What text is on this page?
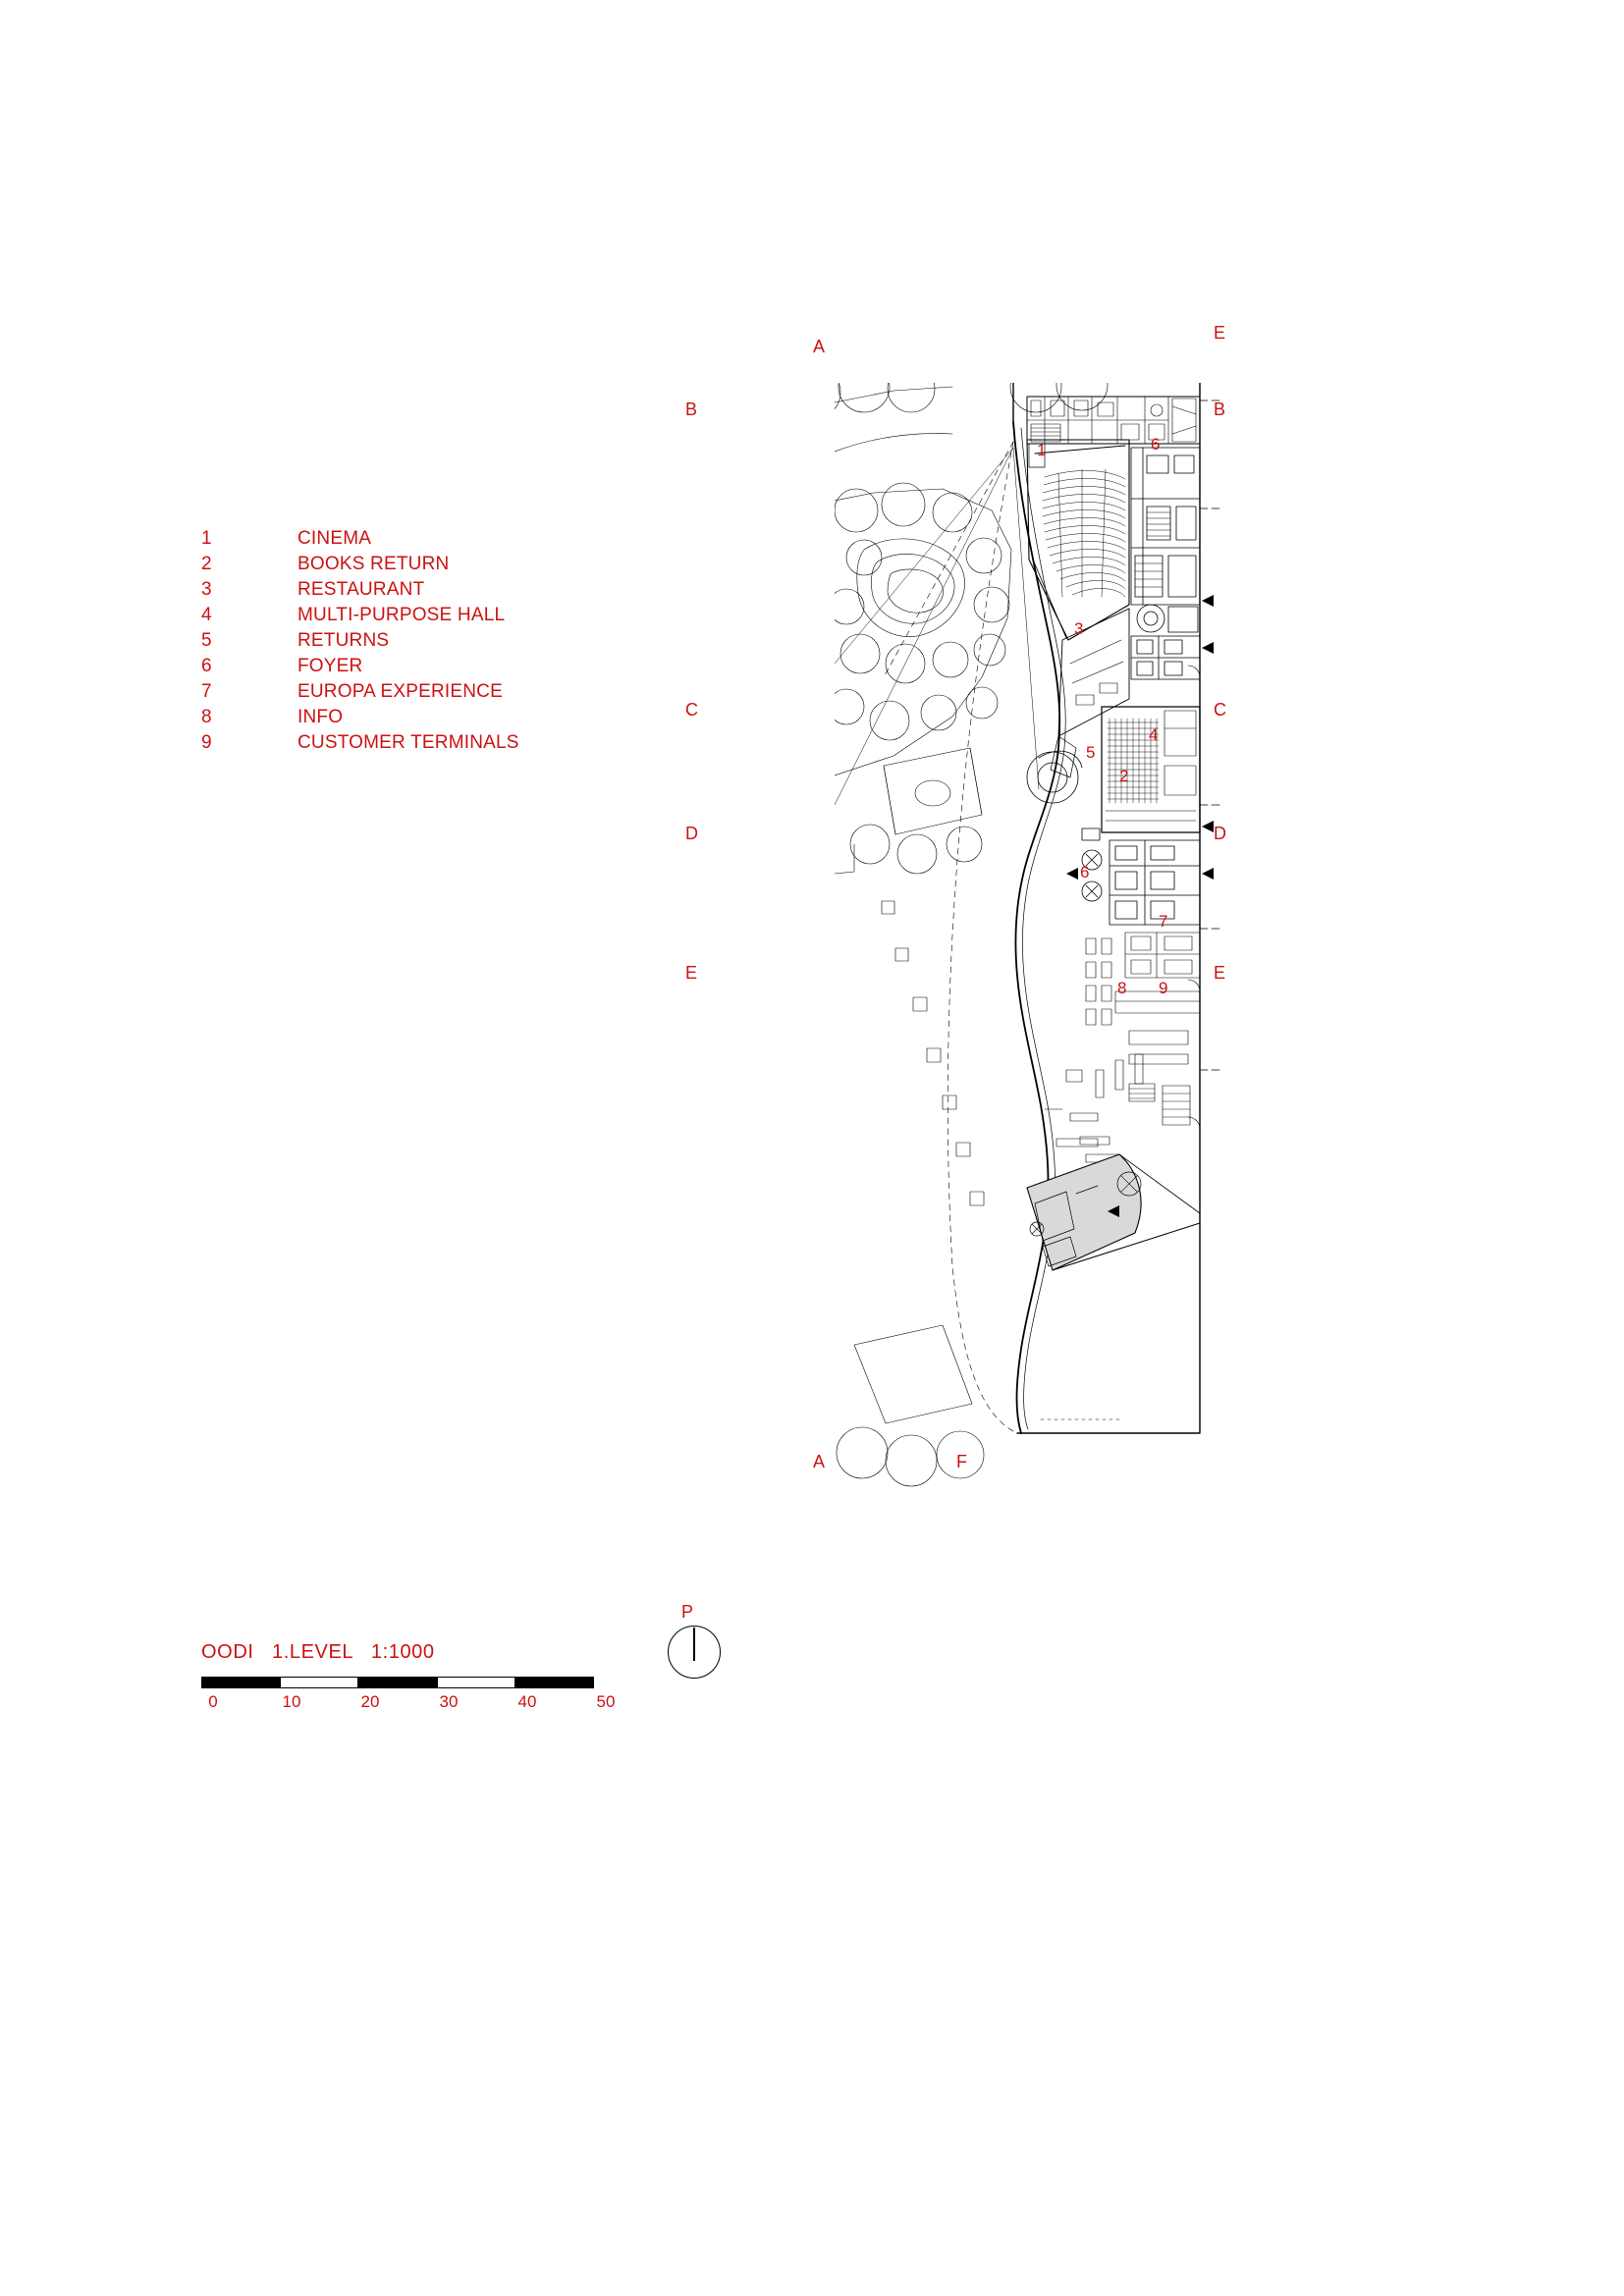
1	CINEMA
2	BOOKS RETURN
3	RESTAURANT
4	MULTI-PURPOSE HALL
5	RETURNS
6	FOYER
7	EUROPA EXPERIENCE
8	INFO
9	CUSTOMER TERMINALS
OODI   1.LEVEL   1:1000
0	10	20	30	40	50
P
E
B
C
D
E
B
C
D
E
A
A	F
1	6
3
4
5
2
6
7
8 9
